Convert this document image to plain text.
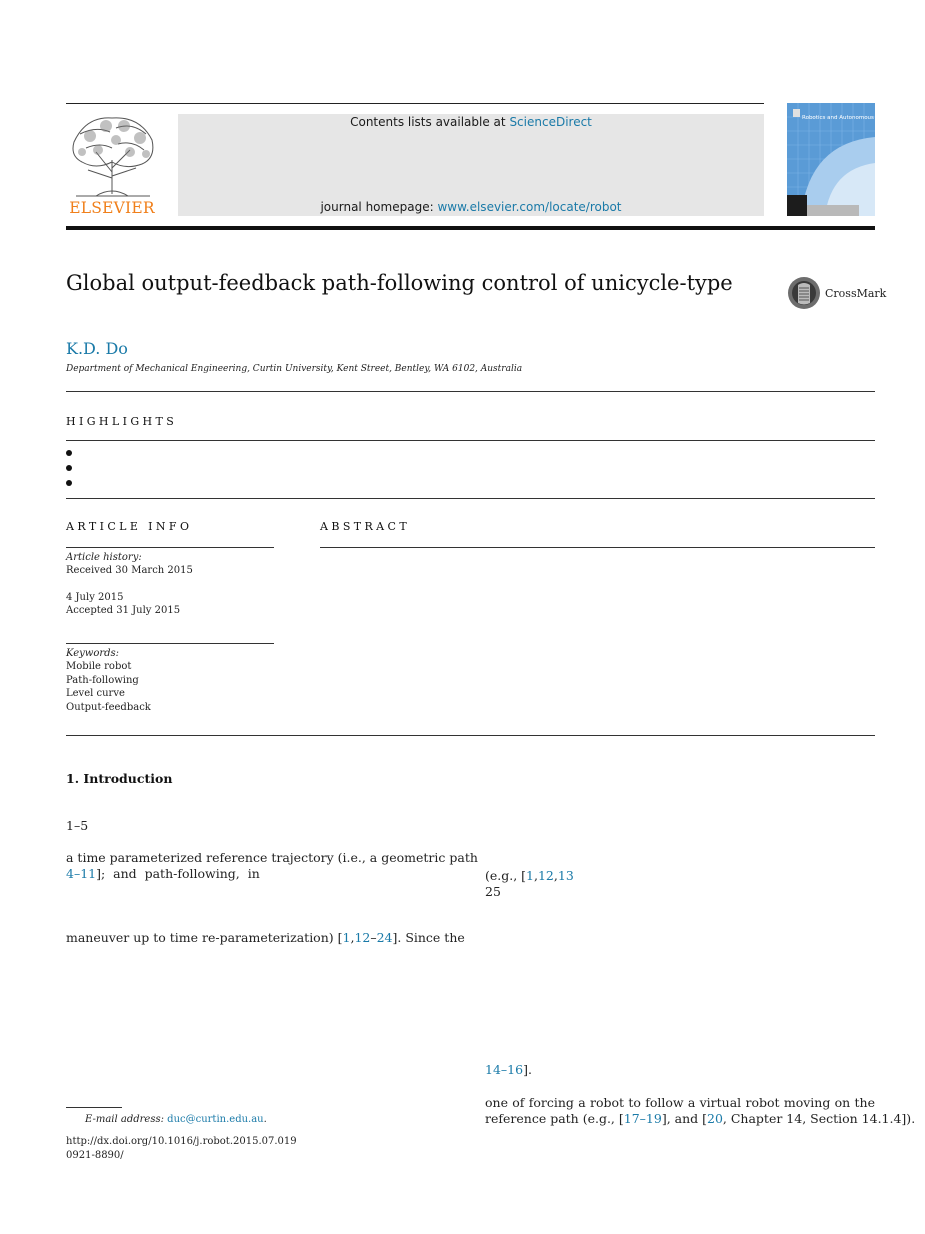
ELSEVIER
Contents lists available at ScienceDirect
journal homepage: www.elsevier.com/locate/robot
Robotics and Autonomous Systems
Global output-feedback path-following control of unicycle-type	CrossMark
K.D. Do
Department of Mechanical Engineering, Curtin University, Kent Street, Bentley, WA 6102, Australia
HIGHLIGHTS
ARTICLE INFO
Article history:
Received 30 March 2015
4 July 2015
Accepted 31 July 2015
Keywords:
Mobile robot
Path-following
Level curve
Output-feedback
ABSTRACT
1. Introduction
1–5
a time parameterized reference trajectory (i.e., a geometric path
4–11];  and  path-following,  in
maneuver up to time re-parameterization) [1,12–24]. Since the
(e.g., [1,12,13
25
14–16].
one of forcing a robot to follow a virtual robot moving on the
reference path (e.g., [17–19], and [20, Chapter 14, Section 14.1.4]).
E-mail address: duc@curtin.edu.au.
http://dx.doi.org/10.1016/j.robot.2015.07.019
0921-8890/
